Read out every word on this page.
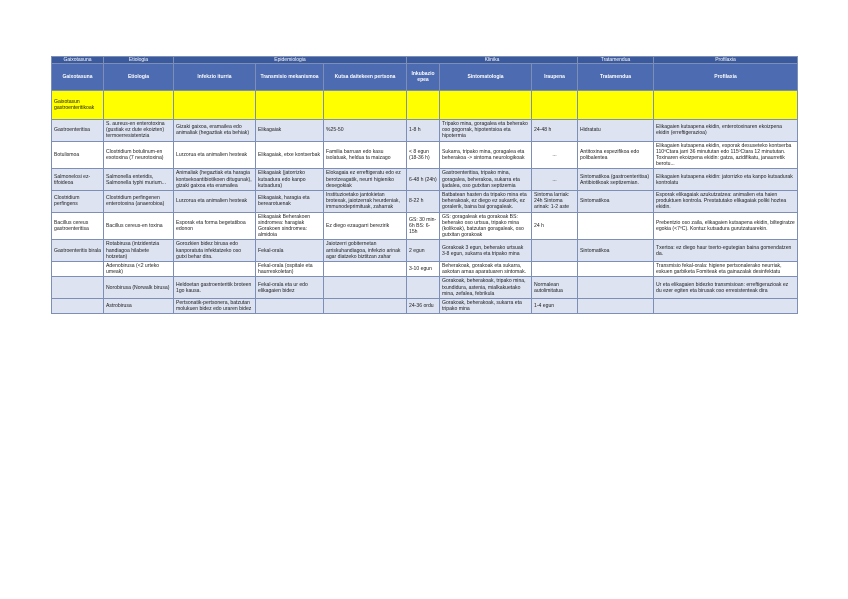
Gaixotasuna	Etiologia	Epidemiologia			Klinika			Tratamendua	Profilaxia
Gaixotasuna	Etiologia	Infekzio iturria	Transmisio mekanismoa	Kutsa daitekeen pertsona	Inkubazio epea	Sintomatologia	Iraupena	Tratamendua	Profilaxia
Gaixotasun gastroenteritikoak									
Gastroenteritisa	S. aureus-en enterotoxina (gustiak ez dute ekoizten) termoerresistentzia	Gizaki gaixoa, eramailea edo animaliak (hegaztiak eta behiak)	Elikagaiak	%25-50	1-8 h	Tripako mina, goragalea eta beherako oso gogorrak, hipotentsioa eta hipotermia	24-48 h	Hidratatu	Elikagaien kutsapena ekidin, enterotoxinaren ekoizpena ekidin (erreftigerazioa)
Botulismoa	Clostridium botulinum-en exotoxina (7 neurotoxina)	Lurzorua eta animalien hesteak	Elikagaiak, etxe kontserbak	Familia barruan edo kasu isolatuak, heldua ta maizago	< 8 egun (18-36 h)	Sukarra, tripako mina, goragalea eta beherakoa -> sintoma neurologikoak	...	Antitoxina espezifikoa edo polibalentea	Elikagaien kutsapena ekidin, esporak desuseteko kontserba 110ºCtara jarri 36 minututan edo 115ºCtara 12 minututan. Toxinaren ekoizpena ekidin: gatza, azidifikatu, janaurretik berotu...
Salmonelosi ez-tifoideoa	Salmonella enteridis, Salmonella typhi murium...	Animaliak (hegaztiak eta haragia kontsekoantibiotikoen ditugunak), gizaki gaixoa eta eramailea	Elikagaiak (jatorrizko kutsadura edo kanpo kutsadura)	Elokagaia ez erreftigeratu edo ez berotzeagatik, neurri higieniko desegokiak	6-48 h (24h)	Gastroenteritisa, tripako mina, goragalea, beherakoa, sukarra eta ijadalea, oso gutxitan septizemia	...	Sintomatikoa (gastroenteritisa) Antibiotikoak septizemian.	Elikagaien kutsapena ekidin: jatorrizko eta kanpo kutsadurak kontrolatu
Clostridium perfingens	Clostridium perfingenen enterotoxina (anaerobioa)	Lurzorua eta animalien hesteak	Elikagaiak, haragia eta berearotuenak	Instituzioetako jantokietan brotexak, jaiotzerrak heurdeniak, immunodeprimituak, zaharrak	8-22 h	Batbatean hasten da tripako mina eta beherakoak, ez diego ez sukarrik, ez goralerik, baina bai goragaleak.	Sintoma larriak: 24h Sintoma arinak: 1-2 aste	Sintomatikoa	Esporak elikagaiak azukutzatzea: animalien eta haien produktuen kontrola. Prestatutako elikagaiak poliki hoztea ekidin.
Bacillus cereus gastroenteritisa	Bacillus cereus-en toxina	Esporak eta forma begetatiboa edonon	Elikagaiak Beherakoen sindromea: haragiak Gorakoen sindromea: almidoia	Ez diego ezaugarri berezirik	GS: 30 min-6h BS: 6-15h	GS: goragaleak eta gorakoak BS: beherako oso urtsua, tripako mina (kolikoak), batzutan goragaleak, oso gutxitan gorakoak	24 h		Prebentzio oso zaila, elikagaien kutsapena ekidin, biltegiratze egokia (<7ºC). Kontuz kutsadura gurutzatuarekin.
Gastroenteritis birala	Rotabirusa (intzidentzia handiagoa hilabete hotzetan)	Gorozkien bidez birusa edo kanporatuta infektatzeko oso gutxi behar dira.	Fekal-orala	Jaiotzerri gobiternetan arriskuhandiagoa, infekzio arinak agar diatzeko biztitzan zahar	2 egun	Gorakoak 3 egun, beherako urtsuak 3-8 egun, sukarra eta tripako mina		Sintomatikoa	Txertoa: ez diego haur txerto-egutegian baina gomendatzen da.
	Adenobirusa (<2 urteko umeak)		Fekal-orala (ospitale eta haurreskoletan)		3-10 egun	Beherakoak, gorakoak eta sukarra, askotan arnas aparatuaren sintomak.			Transmisio fekal-orala: higiene pertsonalerako neurriak, eskuen garbiketa Fomiteak eta gainazalak desinfektatu
	Norobirusa (Norwalk birusa)	Heldoetan gastroenteritik broteen 1go kausa.	Fekal-orala eta ur edo elikagaien bidez			Gorakoak, beherakoak, tripako mina, txundidura, astenia, mialkakuetako mina, zefalea, febrikula	Normalean autolimitatua		Ur eta elikagaien bidezko transmisioan: erreftigerazioak ez du ezer egiten eta birusak oso erresistenteak dira
	Astrobirusa	Pertsonatik-pertsonera, batzutan molukuen bidez edo uraren bidez			24-36 ordu	Gorakoak, beherakoak, sukarra eta tripako mina	1-4 egun		
